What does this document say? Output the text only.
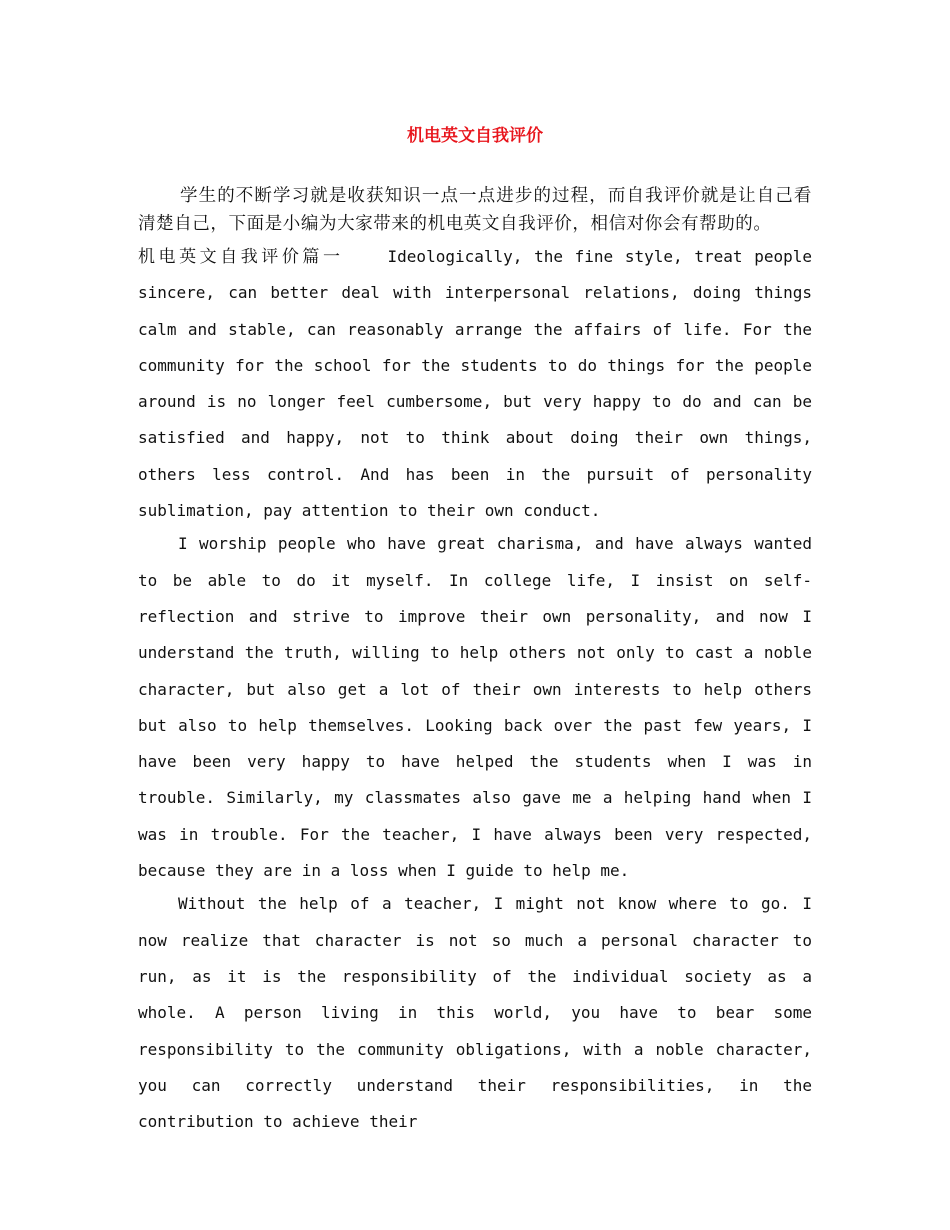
机电英文自我评价

学生的不断学习就是收获知识一点一点进步的过程，而自我评价就是让自己看清楚自己，下面是小编为大家带来的机电英文自我评价，相信对你会有帮助的。

机电英文自我评价篇一	Ideologically, the fine style, treat people sincere, can better deal with interpersonal relations, doing things calm and stable, can reasonably arrange the affairs of life. For the community for the school for the students to do things for the people around is no longer feel cumbersome, but very happy to do and can be satisfied and happy, not to think about doing their own things, others less control. And has been in the pursuit of personality sublimation, pay attention to their own conduct.

I worship people who have great charisma, and have always wanted to be able to do it myself. In college life, I insist on self-reflection and strive to improve their own personality, and now I understand the truth, willing to help others not only to cast a noble character, but also get a lot of their own interests to help others but also to help themselves. Looking back over the past few years, I have been very happy to have helped the students when I was in trouble. Similarly, my classmates also gave me a helping hand when I was in trouble. For the teacher, I have always been very respected, because they are in a loss when I guide to help me.

Without the help of a teacher, I might not know where to go. I now realize that character is not so much a personal character to run, as it is the responsibility of the individual society as a whole. A person living in this world, you have to bear some responsibility to the community obligations, with a noble character, you can correctly understand their responsibilities, in the contribution to achieve their
